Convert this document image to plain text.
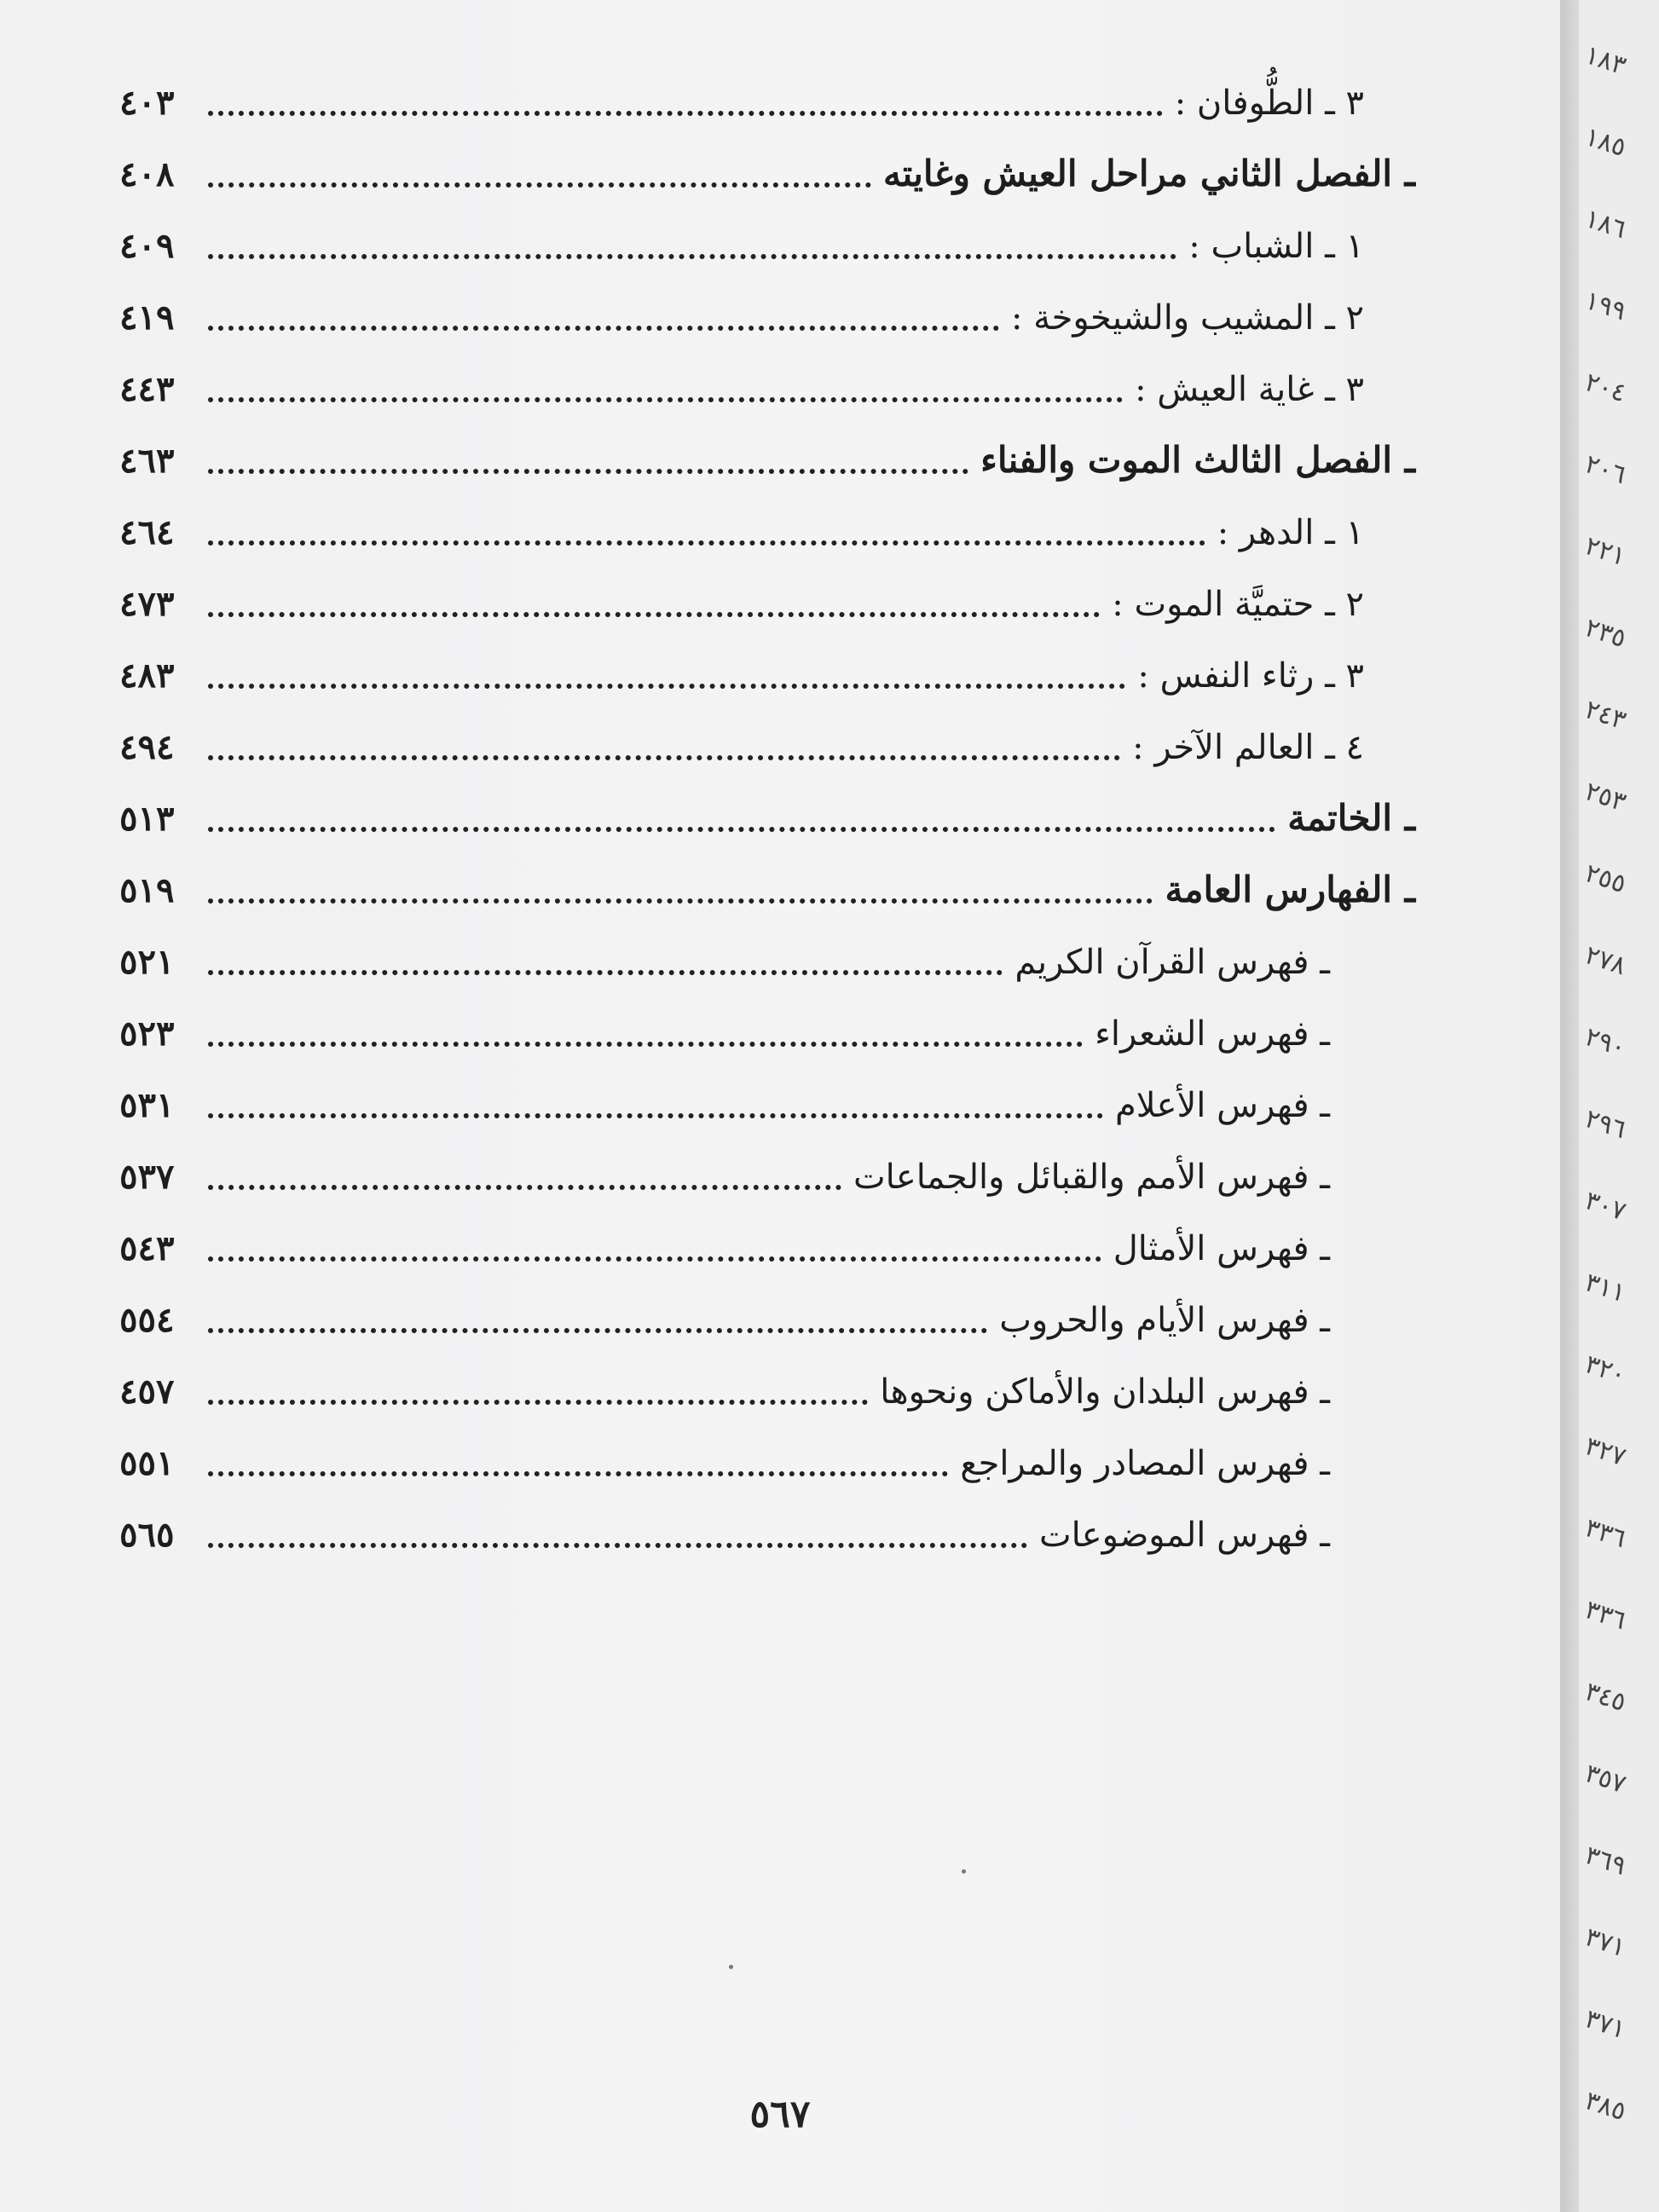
٣ ـ الطُّوفان :
٤٠٣
ـ الفصل الثاني مراحل العيش وغايته
٤٠٨
١ ـ الشباب :
٤٠٩
٢ ـ المشيب والشيخوخة :
٤١٩
٣ ـ غاية العيش :
٤٤٣
ـ الفصل الثالث الموت والفناء
٤٦٣
١ ـ الدهر :
٤٦٤
٢ ـ حتميَّة الموت :
٤٧٣
٣ ـ رثاء النفس :
٤٨٣
٤ ـ العالم الآخر :
٤٩٤
ـ الخاتمة
٥١٣
ـ الفهارس العامة
٥١٩
ـ فهرس القرآن الكريم
٥٢١
ـ فهرس الشعراء
٥٢٣
ـ فهرس الأعلام
٥٣١
ـ فهرس الأمم والقبائل والجماعات
٥٣٧
ـ فهرس الأمثال
٥٤٣
ـ فهرس الأيام والحروب
٥٥٤
ـ فهرس البلدان والأماكن ونحوها
٤٥٧
ـ فهرس المصادر والمراجع
٥٥١
ـ فهرس الموضوعات
٥٦٥
٥٦٧
١٨٣
١٨٥
١٨٦
١٩٩
٢٠٤
٢٠٦
٢٢١
٢٣٥
٢٤٣
٢٥٣
٢٥٥
٢٧٨
٢٩٠
٢٩٦
٣٠٧
٣١١
٣٢٠
٣٢٧
٣٣٦
٣٣٦
٣٤٥
٣٥٧
٣٦٩
٣٧١
٣٧١
٣٨٥
